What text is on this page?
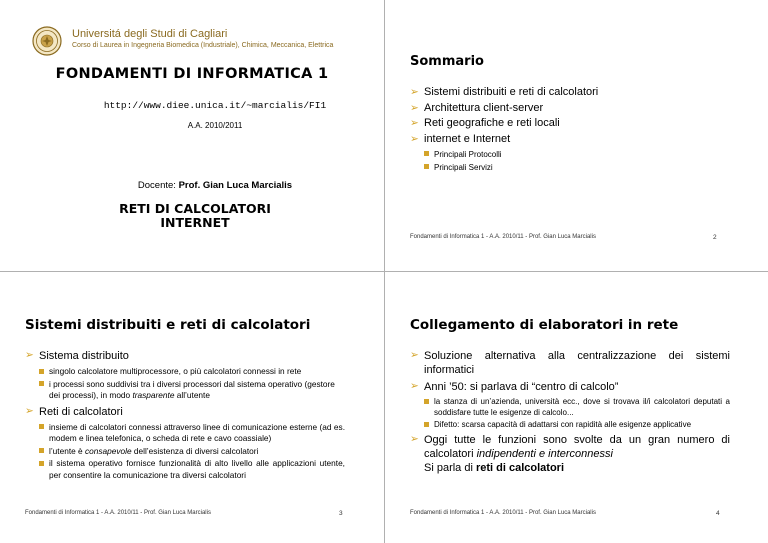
Universitá degli Studi di Cagliari
Corso di Laurea in Ingegneria Biomedica (Industriale), Chimica, Meccanica, Elettrica
FONDAMENTI DI INFORMATICA 1
http://www.diee.unica.it/~marcialis/FI1
A.A. 2010/2011
Docente: Prof. Gian Luca Marcialis
RETI DI CALCOLATORI
INTERNET
Sommario
➢ Sistemi distribuiti e reti di calcolatori
➢ Architettura client-server
➢ Reti geografiche e reti locali
➢ internet e Internet
Principali Protocolli
Principali Servizi
Fondamenti di Informatica 1 - A.A. 2010/11 - Prof. Gian Luca Marcialis	2
Sistemi distribuiti e reti di calcolatori
➢ Sistema distribuito
singolo calcolatore multiprocessore, o più calcolatori connessi in rete
i processi sono suddivisi tra i diversi processori dal sistema operativo (gestore dei processi), in modo trasparente all’utente
➢ Reti di calcolatori
insieme di calcolatori connessi attraverso linee di comunicazione esterne (ad es. modem e linea telefonica, o scheda di rete e cavo coassiale)
l’utente è consapevole dell’esistenza di diversi calcolatori
il sistema operativo fornisce funzionalità di alto livello alle applicazioni utente, per consentire la comunicazione tra diversi calcolatori
Fondamenti di Informatica 1 - A.A. 2010/11 - Prof. Gian Luca Marcialis	3
Collegamento di elaboratori in rete
➢ Soluzione alternativa alla centralizzazione dei sistemi informatici
➢ Anni ’50: si parlava di “centro di calcolo”
la stanza di un’azienda, università ecc., dove si trovava il/i calcolatori deputati a soddisfare tutte le esigenze di calcolo...
Difetto: scarsa capacità di adattarsi con rapidità alle esigenze applicative
➢ Oggi tutte le funzioni sono svolte da un gran numero di calcolatori indipendenti e interconnessi
Si parla di reti di calcolatori
Fondamenti di Informatica 1 - A.A. 2010/11 - Prof. Gian Luca Marcialis	4
